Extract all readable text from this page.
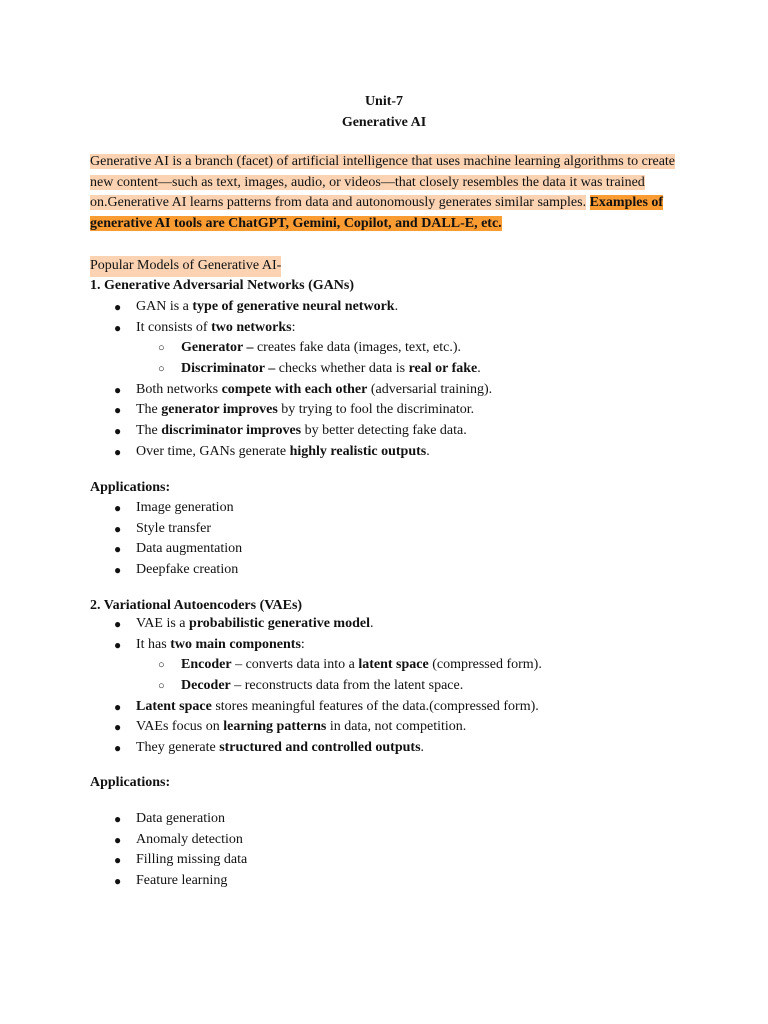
Unit-7
Generative AI
Generative AI is a branch (facet) of artificial intelligence that uses machine learning algorithms to create new content—such as text, images, audio, or videos—that closely resembles the data it was trained on.Generative AI learns patterns from data and autonomously generates similar samples. Examples of generative AI tools are ChatGPT, Gemini, Copilot, and DALL-E, etc.
Popular Models of Generative AI-
1. Generative Adversarial Networks (GANs)
● GAN is a type of generative neural network.
● It consists of two networks:
○ Generator – creates fake data (images, text, etc.).
○ Discriminator – checks whether data is real or fake.
● Both networks compete with each other (adversarial training).
● The generator improves by trying to fool the discriminator.
● The discriminator improves by better detecting fake data.
● Over time, GANs generate highly realistic outputs.
Applications:
● Image generation
● Style transfer
● Data augmentation
● Deepfake creation
2. Variational Autoencoders (VAEs)
● VAE is a probabilistic generative model.
● It has two main components:
○ Encoder – converts data into a latent space (compressed form).
○ Decoder – reconstructs data from the latent space.
● Latent space stores meaningful features of the data.(compressed form).
● VAEs focus on learning patterns in data, not competition.
● They generate structured and controlled outputs.
Applications:
● Data generation
● Anomaly detection
● Filling missing data
● Feature learning
